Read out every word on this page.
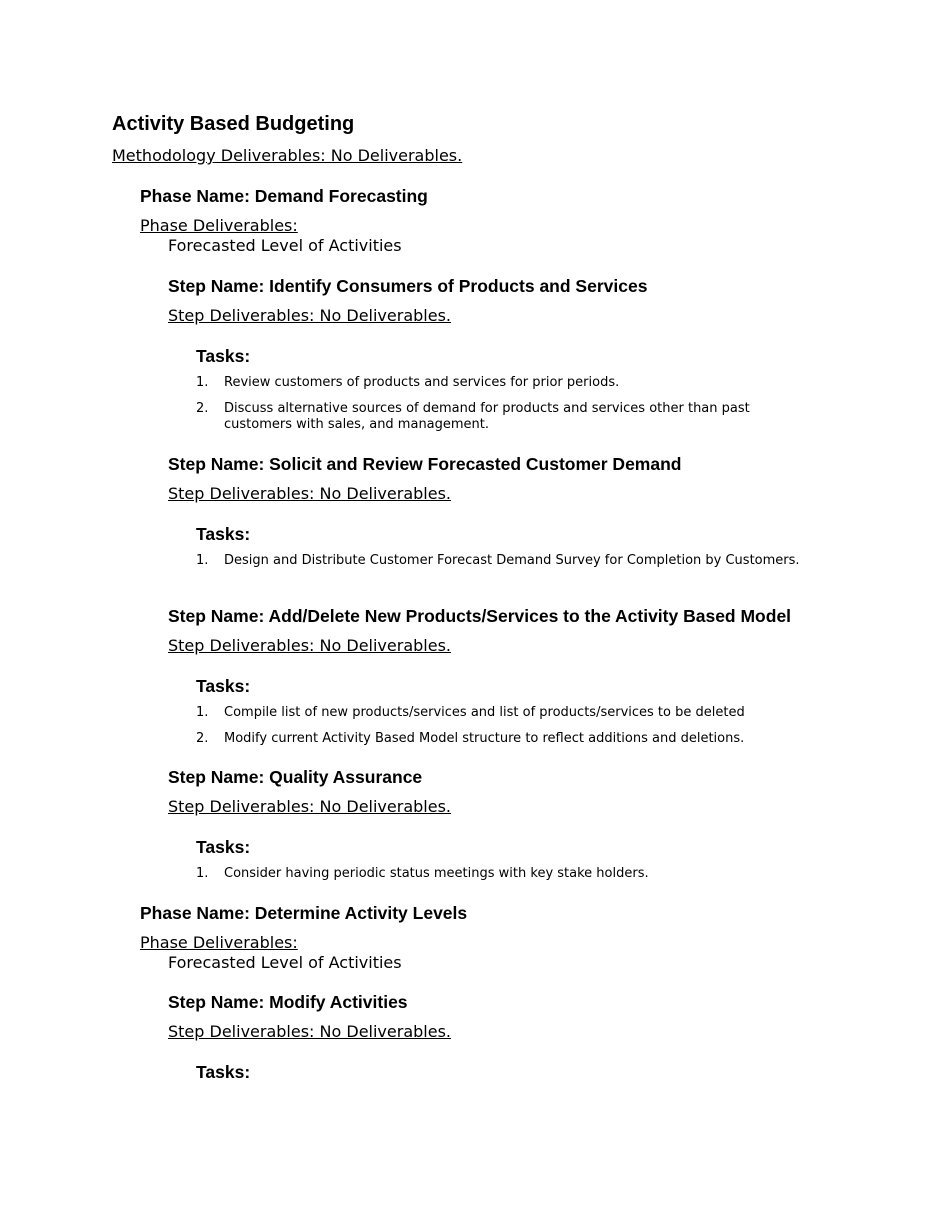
Activity Based Budgeting

Methodology Deliverables: No Deliverables.

Phase Name: Demand Forecasting

Phase Deliverables:

Forecasted Level of Activities

Step Name: Identify Consumers of Products and Services

Step Deliverables: No Deliverables.

Tasks:
1. Review customers of products and services for prior periods.
2. Discuss alternative sources of demand for products and services other than past customers with sales, and management.
Step Name: Solicit and Review Forecasted Customer Demand

Step Deliverables: No Deliverables.

Tasks:
1. Design and Distribute Customer Forecast Demand Survey for Completion by Customers.
Step Name: Add/Delete New Products/Services to the Activity Based Model

Step Deliverables: No Deliverables.

Tasks:
1. Compile list of new products/services and list of products/services to be deleted
2. Modify current Activity Based Model structure to reflect additions and deletions.
Step Name: Quality Assurance

Step Deliverables: No Deliverables.

Tasks:
1. Consider having periodic status meetings with key stake holders.
Phase Name: Determine Activity Levels

Phase Deliverables:

Forecasted Level of Activities

Step Name: Modify Activities

Step Deliverables: No Deliverables.

Tasks:
